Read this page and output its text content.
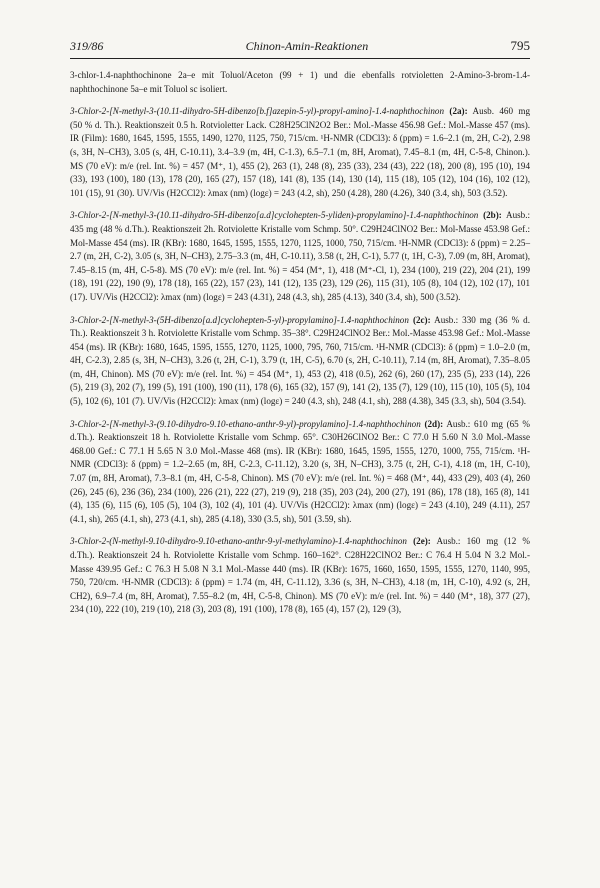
319/86	Chinon-Amin-Reaktionen	795

3-chlor-1.4-naphthochinone 2a–e mit Toluol/Aceton (99 + 1) und die ebenfalls rotvioletten 2-Amino-3-brom-1.4-naphthochinone 5a–e mit Toluol sc isoliert.

3-Chlor-2-[N-methyl-3-(10.11-dihydro-5H-dibenzo[b.f]azepin-5-yl)-propyl-amino]-1.4-naphthochinon (2a): Ausb. 460 mg (50 % d. Th.). Reaktionszeit 0.5 h. Rotvioletter Lack. C28H25ClN2O2 Ber.: Mol.-Masse 456.98 Gef.: Mol.-Masse 457 (ms). IR (Film): 1680, 1645, 1595, 1555, 1490, 1270, 1125, 750, 715/cm. ¹H-NMR (CDCl3): δ (ppm) = 1.6–2.1 (m, 2H, C-2), 2.98 (s, 3H, N–CH3), 3.05 (s, 4H, C-10.11), 3.4–3.9 (m, 4H, C-1.3), 6.5–7.1 (m, 8H, Aromat), 7.45–8.1 (m, 4H, C-5-8, Chinon.). MS (70 eV): m/e (rel. Int. %) = 457 (M⁺, 1), 455 (2), 263 (1), 248 (8), 235 (33), 234 (43), 222 (18), 200 (8), 195 (10), 194 (33), 193 (100), 180 (13), 178 (20), 165 (27), 157 (18), 141 (8), 135 (14), 130 (14), 115 (18), 105 (12), 104 (16), 102 (12), 101 (15), 91 (30). UV/Vis (H2CCl2): λmax (nm) (logε) = 243 (4.2, sh), 250 (4.28), 280 (4.26), 340 (3.4, sh), 503 (3.52).

3-Chlor-2-[N-methyl-3-(10.11-dihydro-5H-dibenzo[a.d]cyclohepten-5-yliden)-propylamino]-1.4-naphthochinon (2b): Ausb.: 435 mg (48 % d.Th.). Reaktionszeit 2h. Rotviolette Kristalle vom Schmp. 50°. C29H24ClNO2 Ber.: Mol-Masse 453.98 Gef.: Mol-Masse 454 (ms). IR (KBr): 1680, 1645, 1595, 1555, 1270, 1125, 1000, 750, 715/cm. ¹H-NMR (CDCl3): δ (ppm) = 2.25–2.7 (m, 2H, C-2), 3.05 (s, 3H, N–CH3), 2.75–3.3 (m, 4H, C-10.11), 3.58 (t, 2H, C-1), 5.77 (t, 1H, C-3), 7.09 (m, 8H, Aromat), 7.45–8.15 (m, 4H, C-5-8). MS (70 eV): m/e (rel. Int. %) = 454 (M⁺, 1), 418 (M⁺-Cl, 1), 234 (100), 219 (22), 204 (21), 199 (18), 191 (22), 190 (9), 178 (18), 165 (22), 157 (23), 141 (12), 135 (23), 129 (26), 115 (31), 105 (8), 104 (12), 102 (17), 101 (17). UV/Vis (H2CCl2): λmax (nm) (logε) = 243 (4.31), 248 (4.3, sh), 285 (4.13), 340 (3.4, sh), 500 (3.52).

3-Chlor-2-[N-methyl-3-(5H-dibenzo[a.d]cyclohepten-5-yl)-propylamino]-1.4-naphthochinon (2c): Ausb.: 330 mg (36 % d. Th.). Reaktionszeit 3 h. Rotviolette Kristalle vom Schmp. 35–38°. C29H24ClNO2 Ber.: Mol.-Masse 453.98 Gef.: Mol.-Masse 454 (ms). IR (KBr): 1680, 1645, 1595, 1555, 1270, 1125, 1000, 795, 760, 715/cm. ¹H-NMR (CDCl3): δ (ppm) = 1.0–2.0 (m, 4H, C-2.3), 2.85 (s, 3H, N–CH3), 3.26 (t, 2H, C-1), 3.79 (t, 1H, C-5), 6.70 (s, 2H, C-10.11), 7.14 (m, 8H, Aromat), 7.35–8.05 (m, 4H, Chinon). MS (70 eV): m/e (rel. Int. %) = 454 (M⁺, 1), 453 (2), 418 (0.5), 262 (6), 260 (17), 235 (5), 233 (14), 226 (5), 219 (3), 202 (7), 199 (5), 191 (100), 190 (11), 178 (6), 165 (32), 157 (9), 141 (2), 135 (7), 129 (10), 115 (10), 105 (5), 104 (5), 102 (6), 101 (7). UV/Vis (H2CCl2): λmax (nm) (logε) = 240 (4.3, sh), 248 (4.1, sh), 288 (4.38), 345 (3.3, sh), 504 (3.54).

3-Chlor-2-[N-methyl-3-(9.10-dihydro-9.10-ethano-anthr-9-yl)-propylamino]-1.4-naphthochinon (2d): Ausb.: 610 mg (65 % d.Th.). Reaktionszeit 18 h. Rotviolette Kristalle vom Schmp. 65°. C30H26ClNO2 Ber.: C 77.0 H 5.60 N 3.0 Mol.-Masse 468.00 Gef.: C 77.1 H 5.65 N 3.0 Mol.-Masse 468 (ms). IR (KBr): 1680, 1645, 1595, 1555, 1270, 1000, 755, 715/cm. ¹H-NMR (CDCl3): δ (ppm) = 1.2–2.65 (m, 8H, C-2.3, C-11.12), 3.20 (s, 3H, N–CH3), 3.75 (t, 2H, C-1), 4.18 (m, 1H, C-10), 7.07 (m, 8H, Aromat), 7.3–8.1 (m, 4H, C-5-8, Chinon). MS (70 eV): m/e (rel. Int. %) = 468 (M⁺, 44), 433 (29), 403 (4), 260 (26), 245 (6), 236 (36), 234 (100), 226 (21), 222 (27), 219 (9), 218 (35), 203 (24), 200 (27), 191 (86), 178 (18), 165 (8), 141 (4), 135 (6), 115 (6), 105 (5), 104 (3), 102 (4), 101 (4). UV/Vis (H2CCl2): λmax (nm) (logε) = 243 (4.10), 249 (4.11), 257 (4.1, sh), 265 (4.1, sh), 273 (4.1, sh), 285 (4.18), 330 (3.5, sh), 501 (3.59, sh).

3-Chlor-2-(N-methyl-9.10-dihydro-9.10-ethano-anthr-9-yl-methylamino)-1.4-naphthochinon (2e): Ausb.: 160 mg (12 % d.Th.). Reaktionszeit 24 h. Rotviolette Kristalle vom Schmp. 160–162°. C28H22ClNO2 Ber.: C 76.4 H 5.04 N 3.2 Mol.-Masse 439.95 Gef.: C 76.3 H 5.08 N 3.1 Mol.-Masse 440 (ms). IR (KBr): 1675, 1660, 1650, 1595, 1555, 1270, 1140, 995, 750, 720/cm. ¹H-NMR (CDCl3): δ (ppm) = 1.74 (m, 4H, C-11.12), 3.36 (s, 3H, N–CH3), 4.18 (m, 1H, C-10), 4.92 (s, 2H, CH2), 6.9–7.4 (m, 8H, Aromat), 7.55–8.2 (m, 4H, C-5-8, Chinon). MS (70 eV): m/e (rel. Int. %) = 440 (M⁺, 18), 377 (27), 234 (10), 222 (10), 219 (10), 218 (3), 203 (8), 191 (100), 178 (8), 165 (4), 157 (2), 129 (3),
